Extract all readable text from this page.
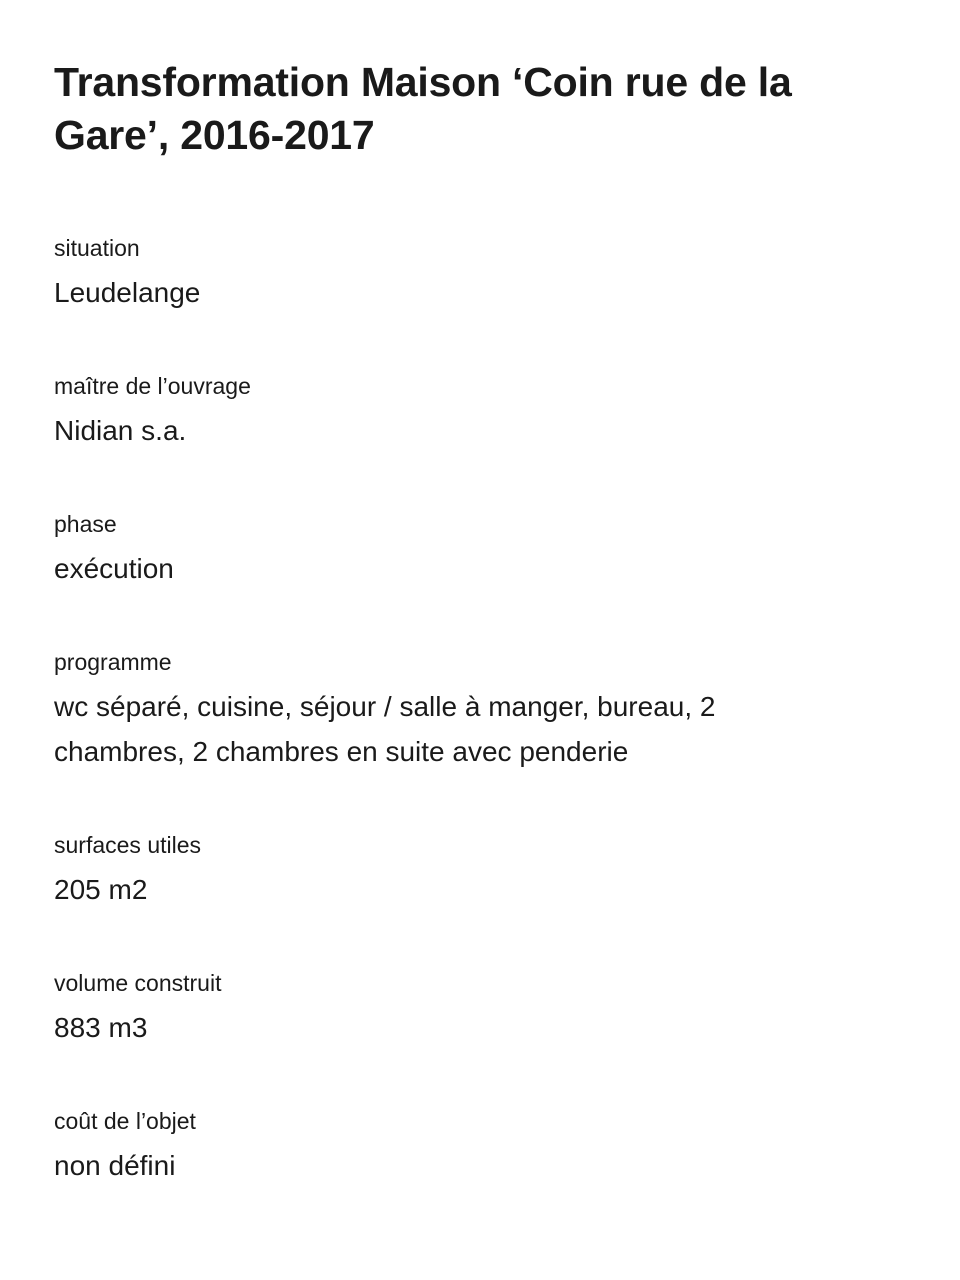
Transformation Maison ‘Coin rue de la Gare’, 2016-2017
situation
Leudelange
maître de l’ouvrage
Nidian s.a.
phase
exécution
programme
wc séparé, cuisine, séjour / salle à manger, bureau, 2 chambres, 2 chambres en suite avec penderie
surfaces utiles
205 m2
volume construit
883 m3
coût de l’objet
non défini
